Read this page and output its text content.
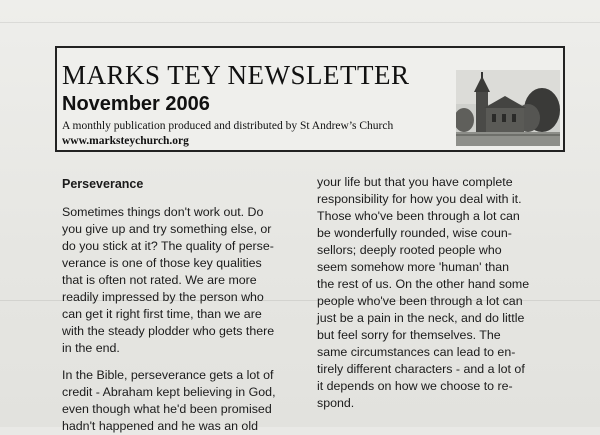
MARKS TEY NEWSLETTER
November 2006
A monthly publication produced and distributed by St Andrew’s Church
www.marksteychurch.org
Perseverance

Sometimes things don't work out. Do
you give up and try something else, or
do you stick at it? The quality of perse-
verance is one of those key qualities
that is often not rated. We are more
readily impressed by the person who
can get it right first time, than we are
with the steady plodder who gets there
in the end.

In the Bible, perseverance gets a lot of
credit - Abraham kept believing in God,
even though what he'd been promised
hadn't happened and he was an old

your life but that you have complete
responsibility for how you deal with it.
Those who've been through a lot can
be wonderfully rounded, wise coun-
sellors; deeply rooted people who
seem somehow more 'human' than
the rest of us. On the other hand some
people who've been through a lot can
just be a pain in the neck, and do little
but feel sorry for themselves. The
same circumstances can lead to en-
tirely different characters - and a lot of
it depends on how we choose to re-
spond.
